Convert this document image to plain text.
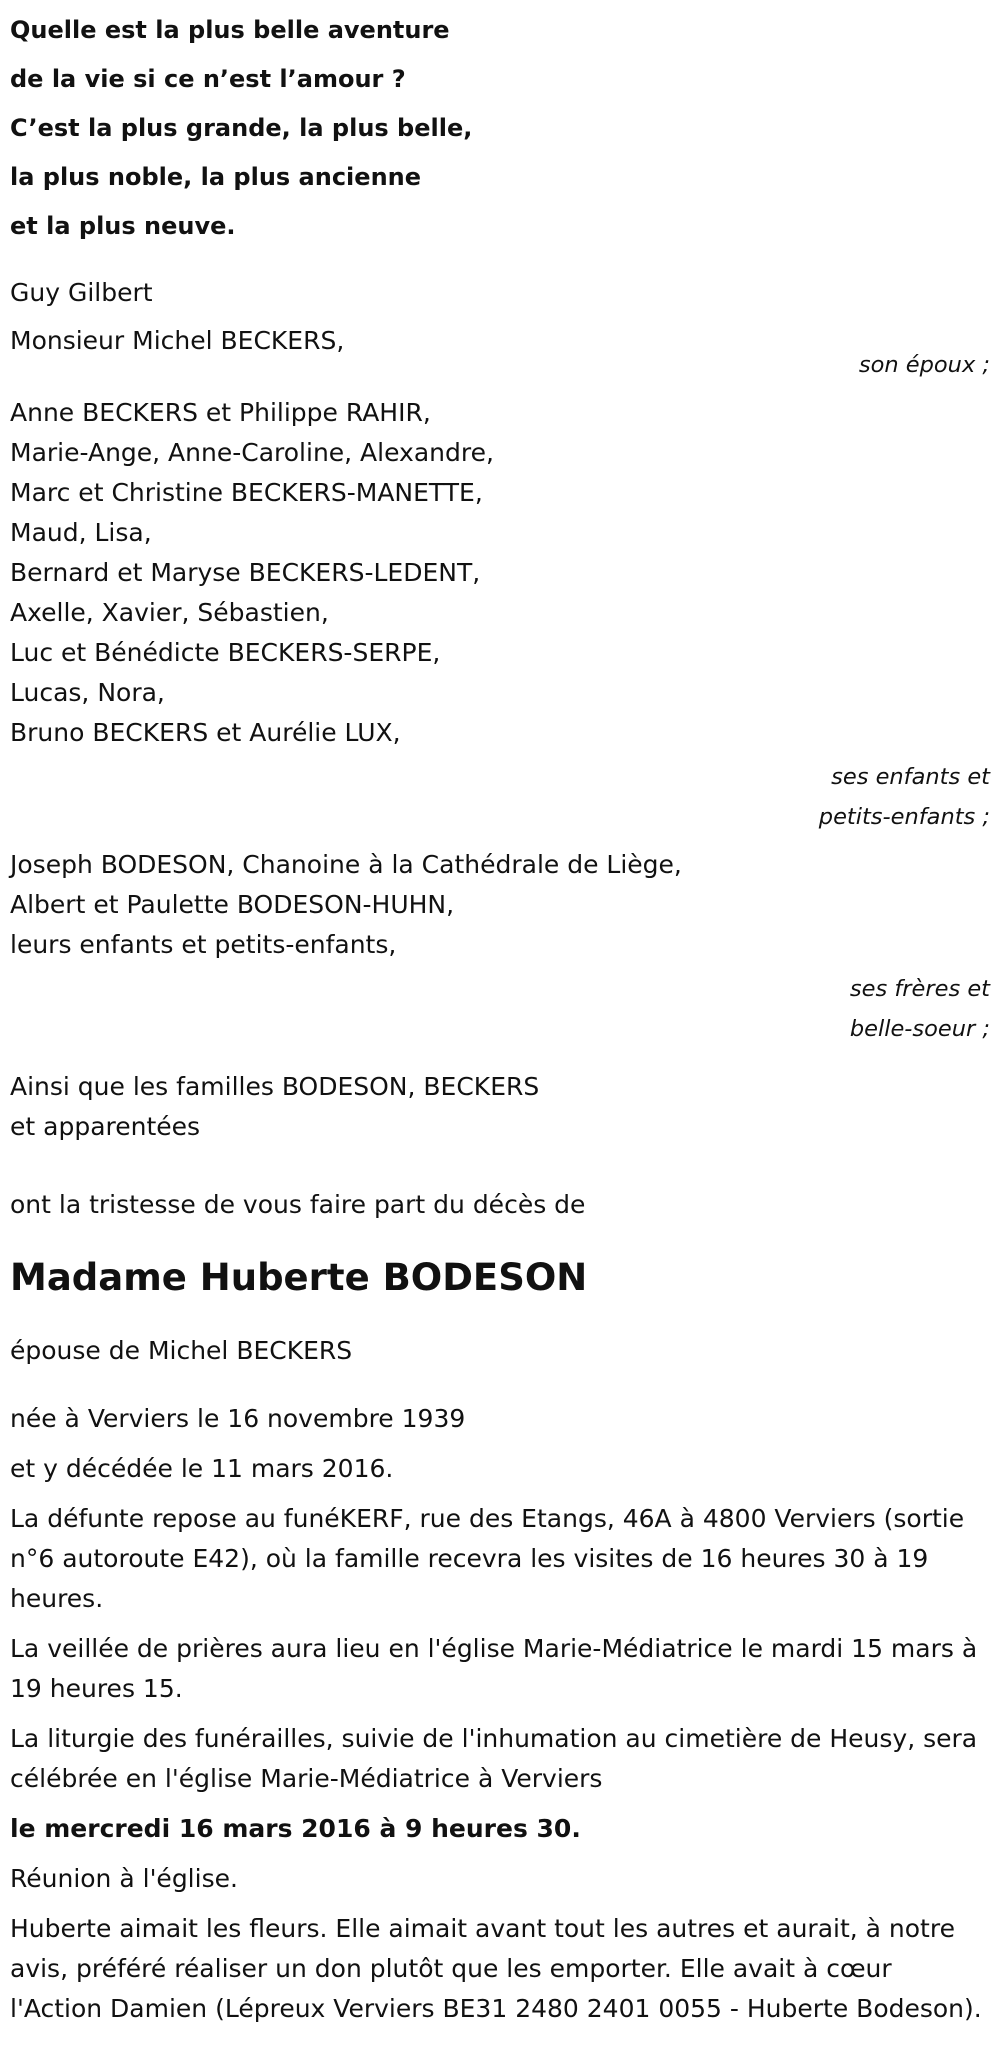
Quelle est la plus belle aventure
de la vie si ce n’est l’amour ?
C’est la plus grande, la plus belle,
la plus noble, la plus ancienne
et la plus neuve.
Guy Gilbert
Monsieur Michel BECKERS,
son époux ;
Anne BECKERS et Philippe RAHIR,
Marie-Ange, Anne-Caroline, Alexandre,
Marc et Christine BECKERS-MANETTE,
Maud, Lisa,
Bernard et Maryse BECKERS-LEDENT,
Axelle, Xavier, Sébastien,
Luc et Bénédicte BECKERS-SERPE,
Lucas, Nora,
Bruno BECKERS et Aurélie LUX,
ses enfants et
petits-enfants ;
Joseph BODESON, Chanoine à la Cathédrale de Liège,
Albert et Paulette BODESON-HUHN,
leurs enfants et petits-enfants,
ses frères et
belle-soeur ;
Ainsi que les familles BODESON, BECKERS
et apparentées
ont la tristesse de vous faire part du décès de
Madame Huberte BODESON
épouse de Michel BECKERS
née à Verviers le 16 novembre 1939
et y décédée le 11 mars 2016.
La défunte repose au funéKERF, rue des Etangs, 46A à 4800 Verviers (sortie n°6 autoroute E42), où la famille recevra les visites de 16 heures 30 à 19 heures.
La veillée de prières aura lieu en l'église Marie-Médiatrice le mardi 15 mars à 19 heures 15.
La liturgie des funérailles, suivie de l'inhumation au cimetière de Heusy, sera célébrée en l'église Marie-Médiatrice à Verviers
le mercredi 16 mars 2016 à 9 heures 30.
Réunion à l'église.
Huberte aimait les fleurs. Elle aimait avant tout les autres et aurait, à notre avis, préféré réaliser un don plutôt que les emporter. Elle avait à cœur l'Action Damien (Lépreux Verviers BE31 2480 2401 0055 - Huberte Bodeson).
